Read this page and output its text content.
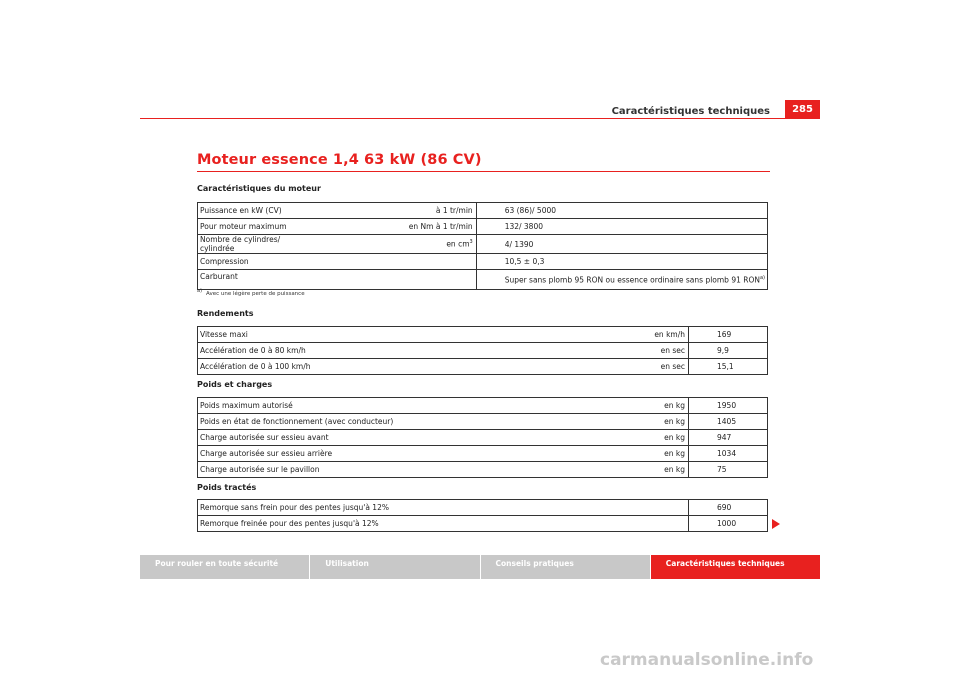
Caractéristiques techniques	285
Moteur essence 1,4 63 kW (86 CV)
Caractéristiques du moteur
Puissance en kW (CV)	à 1 tr/min	63 (86)/ 5000
Pour moteur maximum	en Nm à 1 tr/min	132/ 3800
Nombre de cylindres/ cylindrée	en $cm^3$	4/ 1390
Compression		10,5 ± 0,3
Carburant		Super sans plomb 95 RON ou essence ordinaire sans plomb 91 RON$^{a)}$
$^{a)}$ Avec une légère perte de puissance
Rendements
Vitesse maxi	en km/h	169
Accélération de 0 à 80 km/h	en sec	9,9
Accélération de 0 à 100 km/h	en sec	15,1
Poids et charges
Poids maximum autorisé	en kg	1950
Poids en état de fonctionnement (avec conducteur)	en kg	1405
Charge autorisée sur essieu avant	en kg	947
Charge autorisée sur essieu arrière	en kg	1034
Charge autorisée sur le pavillon	en kg	75
Poids tractés
Remorque sans frein pour des pentes jusqu'à 12%		690
Remorque freinée pour des pentes jusqu'à 12%		1000
Pour rouler en toute sécurité	Utilisation	Conseils pratiques	Caractéristiques techniques
carmanualsonline.info
